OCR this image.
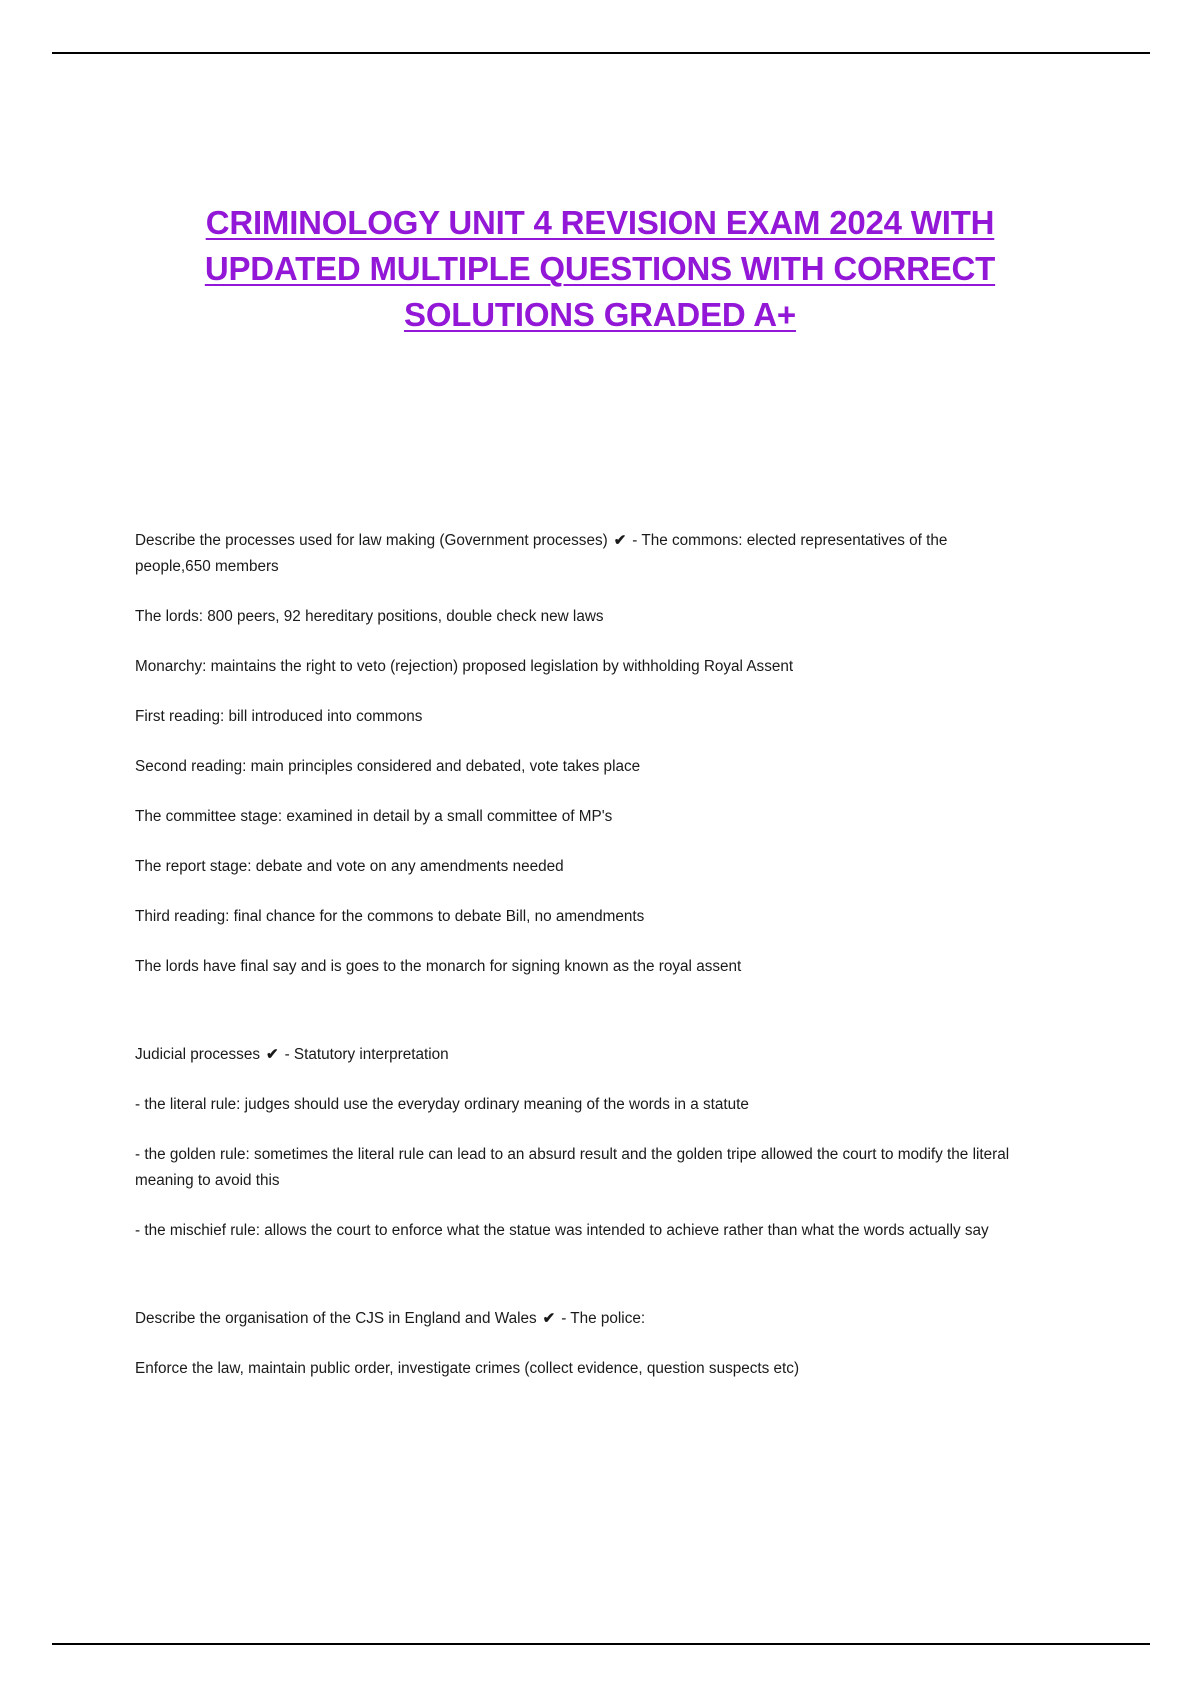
CRIMINOLOGY UNIT 4 REVISION EXAM 2024 WITH UPDATED MULTIPLE QUESTIONS WITH CORRECT SOLUTIONS GRADED A+
Describe the processes used for law making (Government processes) ✔ - The commons: elected representatives of the people,650 members
The lords: 800 peers, 92 hereditary positions, double check new laws
Monarchy: maintains the right to veto (rejection) proposed legislation by withholding Royal Assent
First reading: bill introduced into commons
Second reading: main principles considered and debated, vote takes place
The committee stage: examined in detail by a small committee of MP's
The report stage: debate and vote on any amendments needed
Third reading: final chance for the commons to debate Bill, no amendments
The lords have final say and is goes to the monarch for signing known as the royal assent
Judicial processes ✔ - Statutory interpretation
- the literal rule: judges should use the everyday ordinary meaning of the words in a statute
- the golden rule: sometimes the literal rule can lead to an absurd result and the golden tripe allowed the court to modify the literal meaning to avoid this
- the mischief rule: allows the court to enforce what the statue was intended to achieve rather than what the words actually say
Describe the organisation of the CJS in England and Wales ✔ - The police:
Enforce the law, maintain public order, investigate crimes (collect evidence, question suspects etc)
